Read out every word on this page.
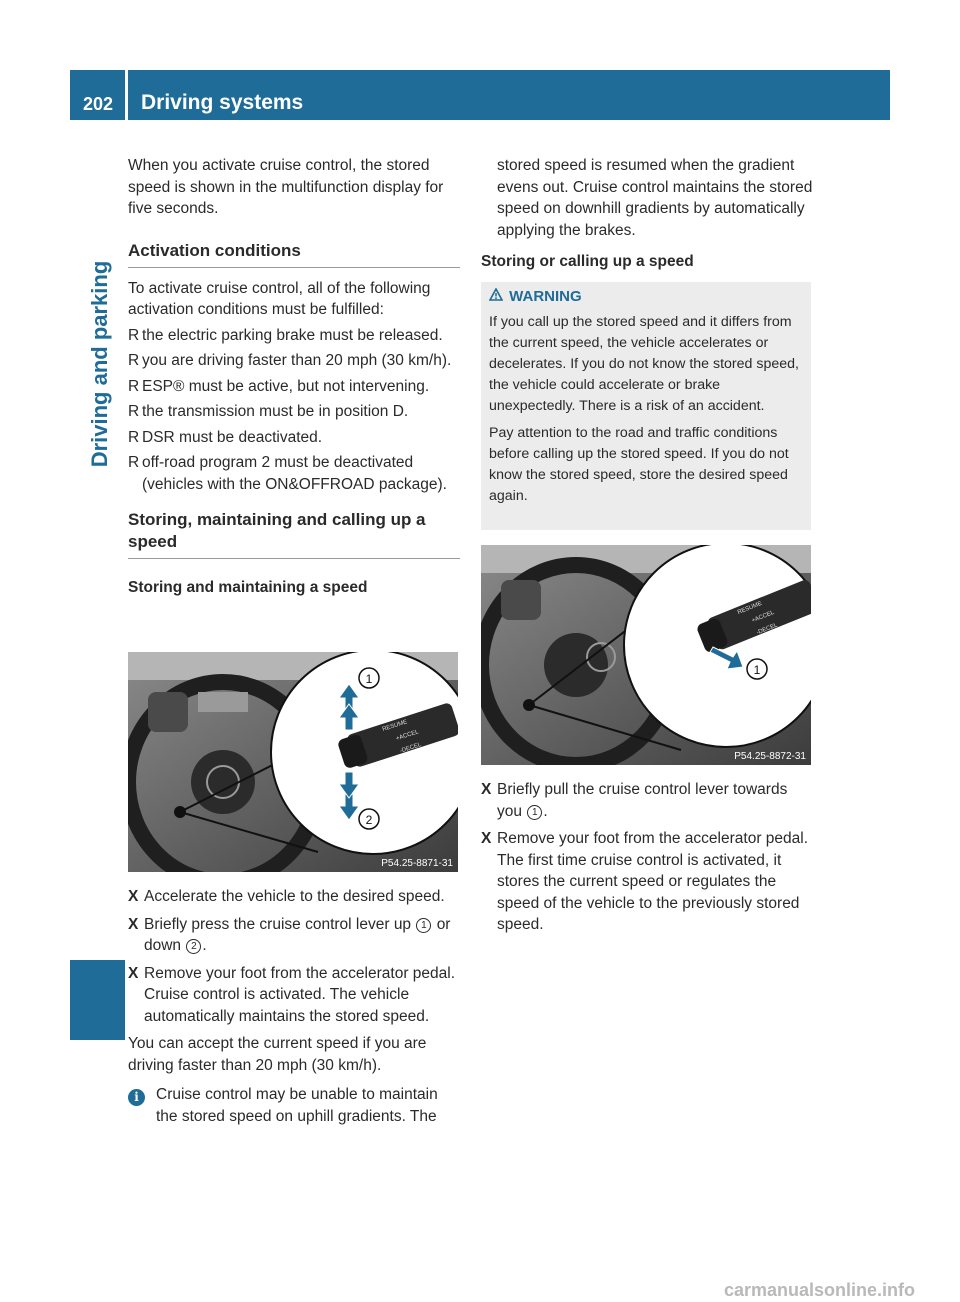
202	Driving systems
Driving and parking

When you activate cruise control, the stored speed is shown in the multifunction display for five seconds.

Activation conditions

To activate cruise control, all of the following activation conditions must be fulfilled:

R the electric parking brake must be released.
R you are driving faster than 20 mph (30 km/h).
R ESP® must be active, but not intervening.
R the transmission must be in position D.
R DSR must be deactivated.
R off-road program 2 must be deactivated (vehicles with the ON&OFFROAD package).
Storing, maintaining and calling up a speed
Storing and maintaining a speed
RESUME
+ACCEL
-DECEL
1
2
P54.25-8871-31
X Accelerate the vehicle to the desired speed.
X Briefly press the cruise control lever up 1 or down 2 .
X Remove your foot from the accelerator pedal.
Cruise control is activated. The vehicle automatically maintains the stored speed.

You can accept the current speed if you are driving faster than 20 mph (30 km/h).

i	Cruise control may be unable to maintain the stored speed on uphill gradients. The

stored speed is resumed when the gradient evens out. Cruise control maintains the stored speed on downhill gradients by automatically applying the brakes.

Storing or calling up a speed
WARNING

If you call up the stored speed and it differs from the current speed, the vehicle accelerates or decelerates. If you do not know the stored speed, the vehicle could accelerate or brake unexpectedly. There is a risk of an accident.

Pay attention to the road and traffic conditions before calling up the stored speed. If you do not know the stored speed, store the desired speed again.

RESUME
+ACCEL
-DECEL
1
P54.25-8872-31
X Briefly pull the cruise control lever towards you 1 .
X Remove your foot from the accelerator pedal.
The first time cruise control is activated, it stores the current speed or regulates the speed of the vehicle to the previously stored speed.
carmanualsonline.info
